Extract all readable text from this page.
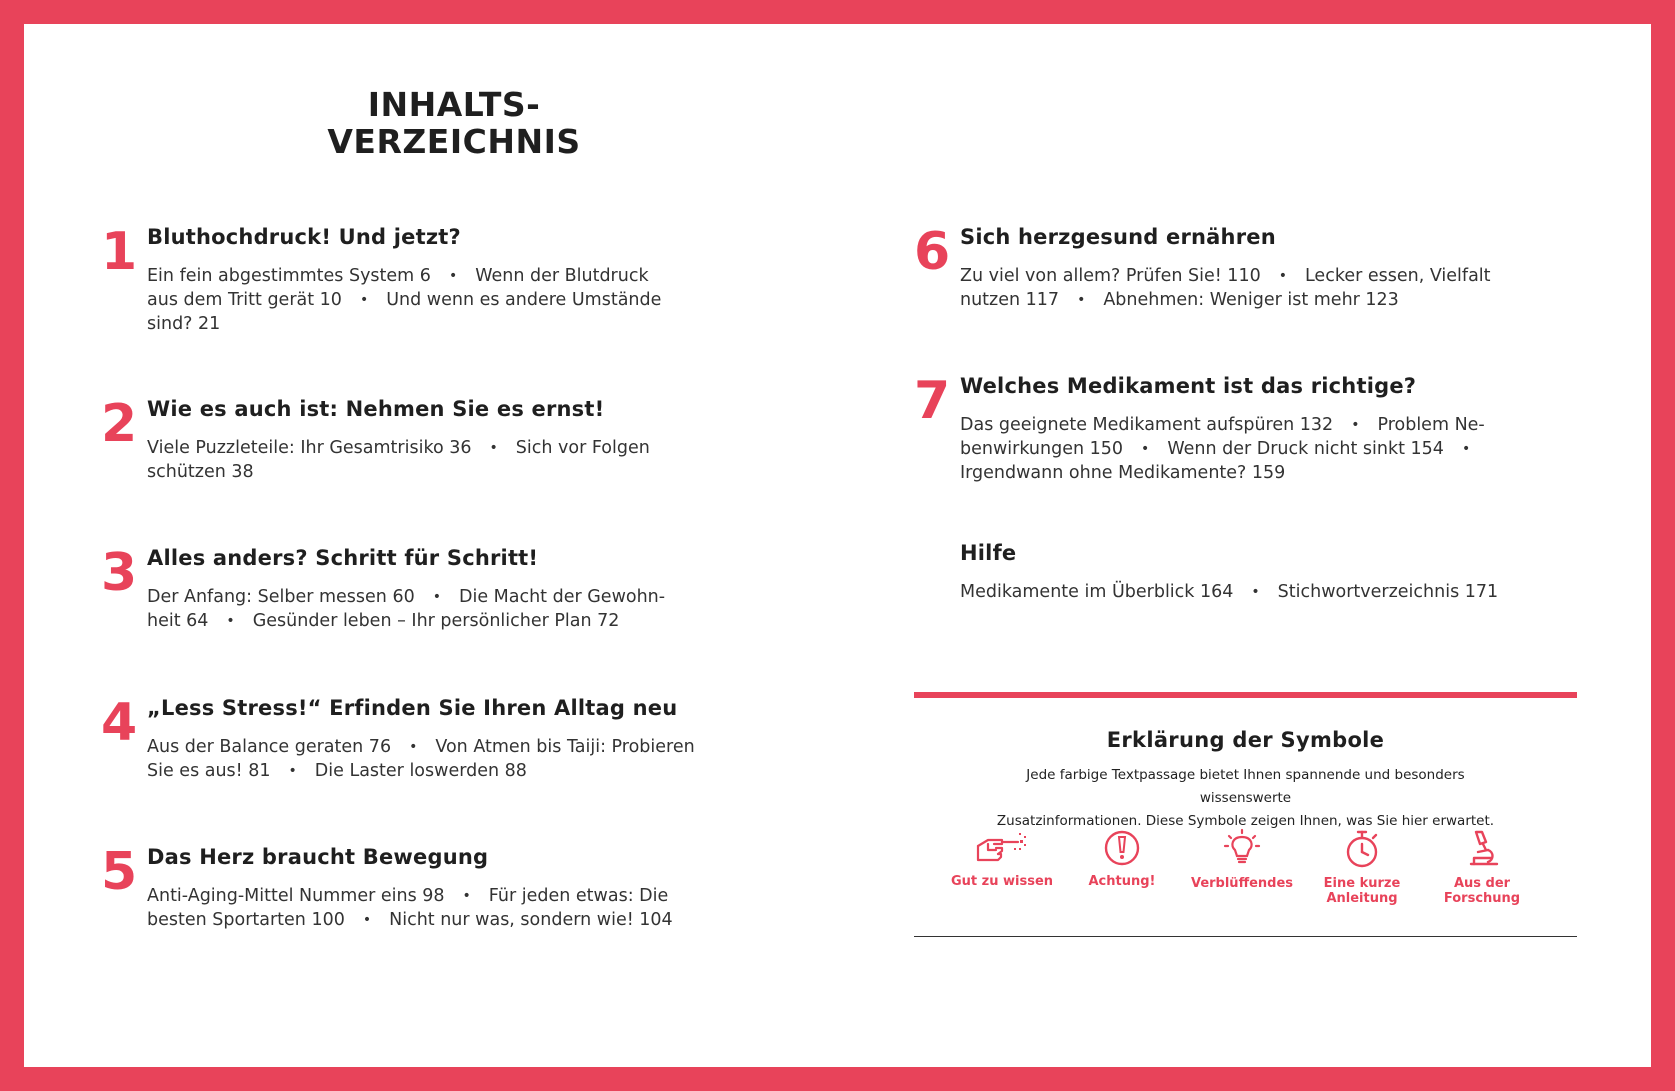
INHALTS-
VERZEICHNIS
1 Bluthochdruck! Und jetzt?

Ein fein abgestimmtes System 6 • Wenn der Blutdruck
aus dem Tritt gerät 10 • Und wenn es andere Umstände
sind? 21

2 Wie es auch ist: Nehmen Sie es ernst!

Viele Puzzleteile: Ihr Gesamtrisiko 36 • Sich vor Folgen
schützen 38

3 Alles anders? Schritt für Schritt!

Der Anfang: Selber messen 60 • Die Macht der Gewohn-
heit 64 • Gesünder leben – Ihr persönlicher Plan 72

4 „Less Stress!“ Erfinden Sie Ihren Alltag neu

Aus der Balance geraten 76 • Von Atmen bis Taiji: Probieren
Sie es aus! 81 • Die Laster loswerden 88

5 Das Herz braucht Bewegung

Anti-Aging-Mittel Nummer eins 98 • Für jeden etwas: Die
besten Sportarten 100 • Nicht nur was, sondern wie! 104

6 Sich herzgesund ernähren

Zu viel von allem? Prüfen Sie! 110 • Lecker essen, Vielfalt
nutzen 117 • Abnehmen: Weniger ist mehr 123

7 Welches Medikament ist das richtige?

Das geeignete Medikament aufspüren 132 • Problem Ne-
benwirkungen 150 • Wenn der Druck nicht sinkt 154 •
Irgendwann ohne Medikamente? 159

Hilfe

Medikamente im Überblick 164 • Stichwortverzeichnis 171

Erklärung der Symbole
Jede farbige Textpassage bietet Ihnen spannende und besonders wissenswerte
Zusatzinformationen. Diese Symbole zeigen Ihnen, was Sie hier erwartet.
Gut zu wissen	Achtung!	Verblüffendes	Eine kurze
Anleitung
Aus der
Forschung
